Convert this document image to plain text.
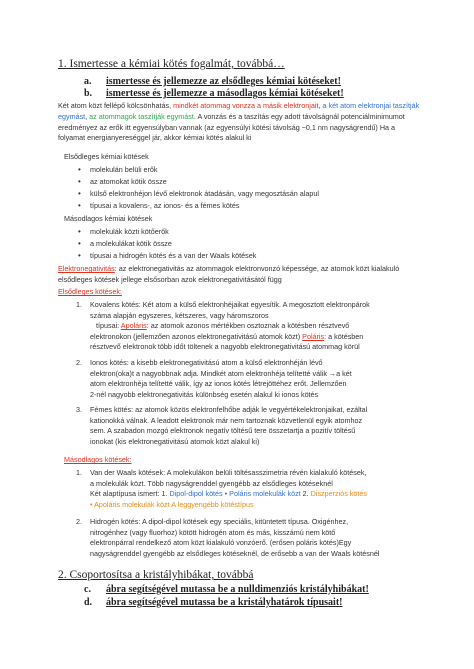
1. Ismertesse a kémiai kötés fogalmát, továbbá…
a. ismertesse és jellemezze az elsődleges kémiai kötéseket!
b. ismertesse és jellemezze a másodlagos kémiai kötéseket!

Két atom közt fellépő kölcsönhatás, mindkét atommag vonzza a másik elektronjait, a két atom elektronjai taszítják egymást, az atommagok taszítják egymást. A vonzás és a taszítás egy adott távolságnál potenciálminimumot eredményez az erők itt egyensúlyban vannak (az egyensúlyi kötési távolság ~0,1 nm nagyságrendű) Ha a folyamat energianyereséggel jár, akkor kémiai kötés alakul ki

Elsődleges kémiai kötések
• molekulán belüli erők
• az atomokat kötik össze
• külső elektronhéjon lévő elektronok átadásán, vagy megosztásán alapul
• típusai a kovalens-, az ionos- és a fémes kötés
Másodlagos kémiai kötések
• molekulák közti kötőerők
• a molekulákat kötik össze
• típusai a hidrogén kötés és a van der Waals kötések

Elektronegativitás: az elektronegativitás az atommagok elektronvonzó képessége, az atomok közt kialakuló elsődleges kötések jellege elsősorban azok elektronegativitásától függ

Elsődleges kötések:
1. Kovalens kötés: Két atom a külső elektronhéjaikat egyesítik. A megosztott elektronpárok
száma alapján egyszeres, kétszeres, vagy háromszoros
típusai: Apoláris: az atomok azonos mértékben osztoznak a kötésben résztvevő
elektronokon (jellemzően azonos elektronegativitású atomok közt) Poláris: a kötésben
résztvevő elektronok több időt töltenek a nagyobb elektronegativitású atommag körül
2. Ionos kötés: a kisebb elektronegativitású atom a külső elektronhéján lévő
elektron(oka)t a nagyobbnak adja. Mindkét atom elektronhéja telítetté válik →a két
atom elektronhéja telítetté válik, így az ionos kötés létrejöttéhez erőt. Jellemzően
2-nél nagyobb elektronegativitás különbség esetén alakul ki ionos kötés
3. Fémes kötés: az atomok közös elektronfelhőbe adják le vegyértékelektronjaikat, ezáltal
kationokká válnak. A leadott elektronok már nem tartoznak közvetlenül egyik atomhoz
sem. A szabadon mozgó elektronok negatív töltésű tere összetartja a pozitív töltésű
ionokat (kis elektronegativitású atomok közt alakul ki)
Másodlagos kötések:
1. Van der Waals kötések: A molekulákon belüli töltésasszimetria révén kialakuló kötések,
a molekulák közt. Több nagyságrenddel gyengébb az elsődleges kötéseknél
Két alaptípusa ismert: 1. Dipol-dipol kötés • Poláris molekulák közt 2. Diszperziós kötés
• Apoláris molekulák közt A leggyengébb kötéstípus
2. Hidrogén kötés: A dipol-dipol kötések egy speciális, kitüntetett típusa. Oxigénhez,
nitrogénhez (vagy fluorhoz) kötött hidrogén atom és más, kisszámú nem kötő
elektronpárral rendelkező atom közt kialakuló vonzóerő. (erősen poláris kötés)Egy
nagyságrenddel gyengébb az elsődleges kötéseknél, de erősebb a van der Waals kötésnél
2. Csoportosítsa a kristályhibákat, továbbá
c. ábra segítségével mutassa be a nulldimenziós kristályhibákat!
d. ábra segítségével mutassa be a kristályhatárok típusait!
